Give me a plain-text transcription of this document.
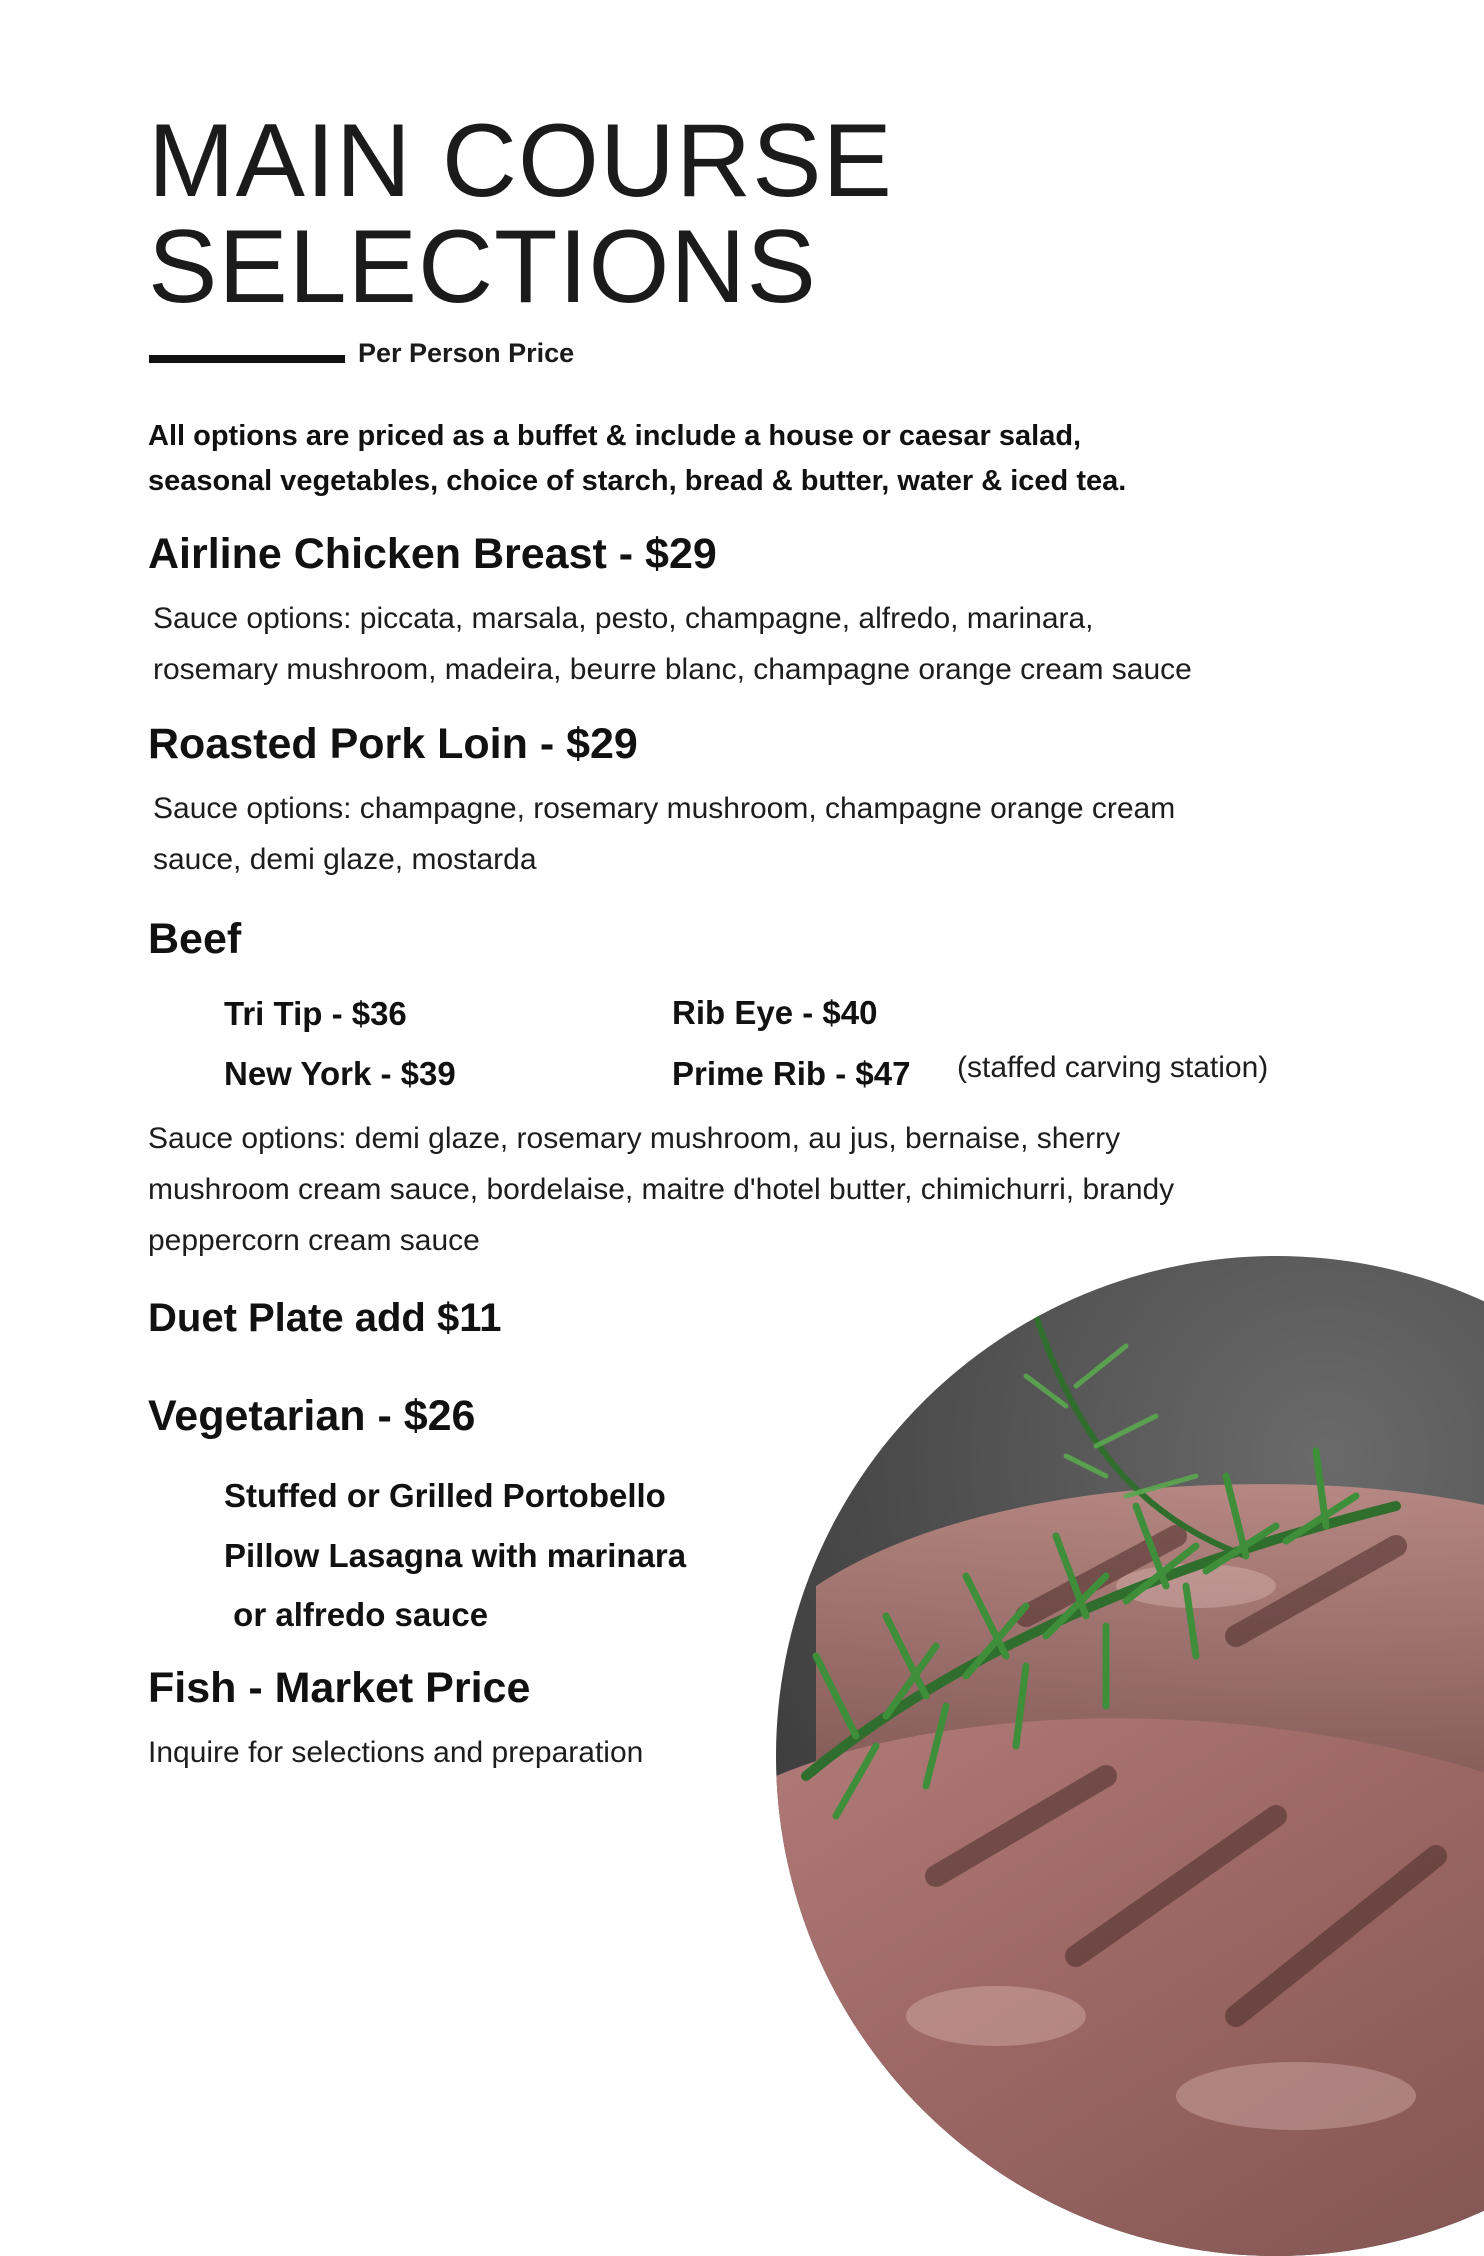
MAIN COURSE
SELECTIONS
Per Person Price
All options are priced as a buffet & include a house or caesar salad,
seasonal vegetables, choice of starch, bread & butter, water & iced tea.
Airline Chicken Breast - $29
Sauce options: piccata, marsala, pesto, champagne, alfredo, marinara,
rosemary mushroom, madeira, beurre blanc, champagne orange cream sauce
Roasted Pork Loin - $29
Sauce options: champagne, rosemary mushroom, champagne orange cream
sauce, demi glaze, mostarda
Beef
Tri Tip - $36
New York - $39
Rib Eye - $40
Prime Rib - $47 (staffed carving station)
Sauce options: demi glaze, rosemary mushroom, au jus, bernaise, sherry
mushroom cream sauce, bordelaise, maitre d'hotel butter, chimichurri, brandy
peppercorn cream sauce
Duet Plate add $11
Vegetarian - $26
Stuffed or Grilled Portobello
Pillow Lasagna with marinara
or alfredo sauce
Fish - Market Price
Inquire for selections and preparation
